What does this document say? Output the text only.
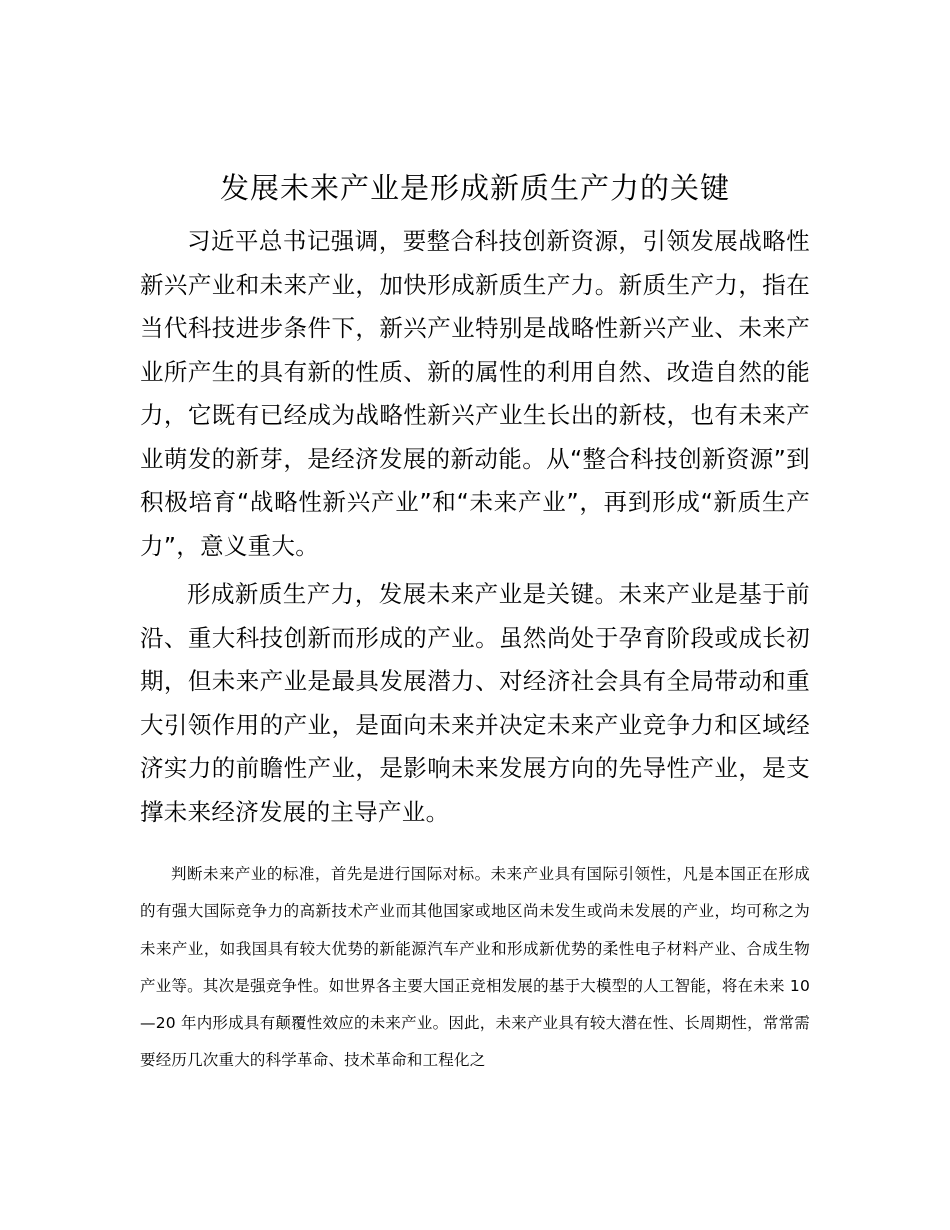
发展未来产业是形成新质生产力的关键

习近平总书记强调，要整合科技创新资源，引领发展战略性新兴产业和未来产业，加快形成新质生产力。新质生产力，指在当代科技进步条件下，新兴产业特别是战略性新兴产业、未来产业所产生的具有新的性质、新的属性的利用自然、改造自然的能力，它既有已经成为战略性新兴产业生长出的新枝，也有未来产业萌发的新芽，是经济发展的新动能。从“整合科技创新资源”到积极培育“战略性新兴产业”和“未来产业”，再到形成“新质生产力”，意义重大。

形成新质生产力，发展未来产业是关键。未来产业是基于前沿、重大科技创新而形成的产业。虽然尚处于孕育阶段或成长初期，但未来产业是最具发展潜力、对经济社会具有全局带动和重大引领作用的产业，是面向未来并决定未来产业竞争力和区域经济实力的前瞻性产业，是影响未来发展方向的先导性产业，是支撑未来经济发展的主导产业。

判断未来产业的标准，首先是进行国际对标。未来产业具有国际引领性，凡是本国正在形成的有强大国际竞争力的高新技术产业而其他国家或地区尚未发生或尚未发展的产业，均可称之为未来产业，如我国具有较大优势的新能源汽车产业和形成新优势的柔性电子材料产业、合成生物产业等。其次是强竞争性。如世界各主要大国正竞相发展的基于大模型的人工智能，将在未来 10—20 年内形成具有颠覆性效应的未来产业。因此，未来产业具有较大潜在性、长周期性，常常需要经历几次重大的科学革命、技术革命和工程化之
